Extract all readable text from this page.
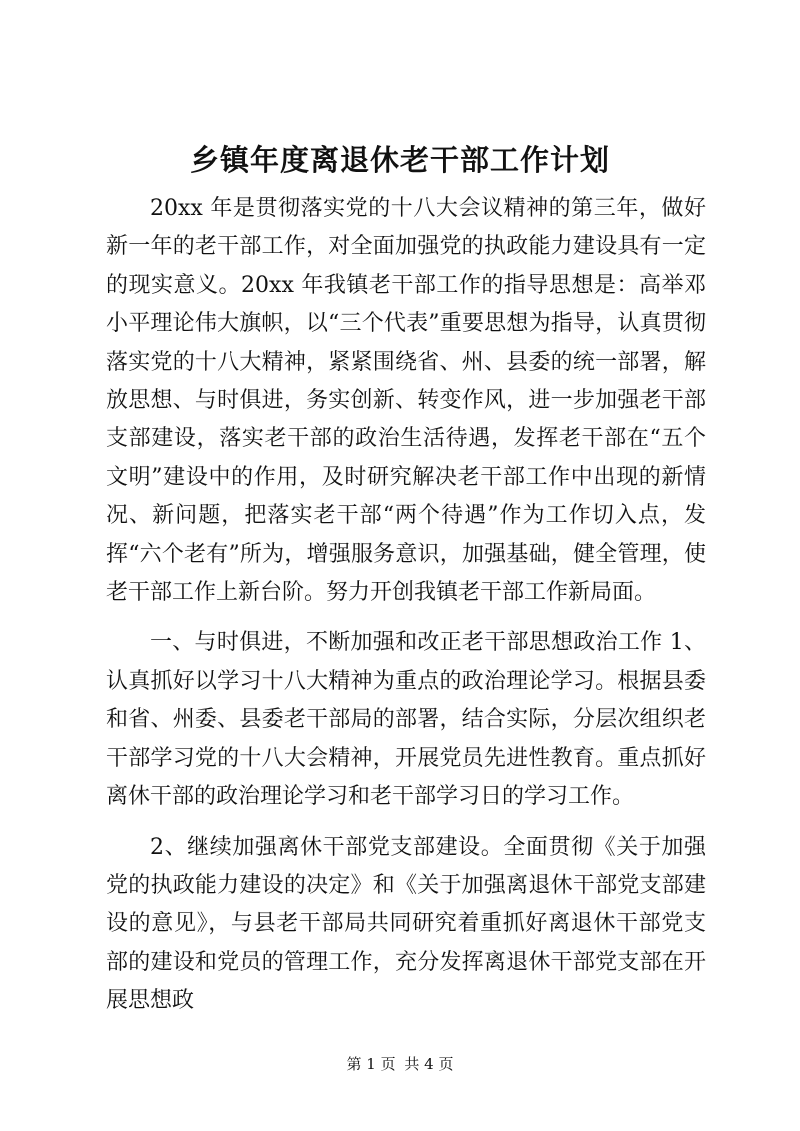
乡镇年度离退休老干部工作计划

20xx 年是贯彻落实党的十八大会议精神的第三年，做好新一年的老干部工作，对全面加强党的执政能力建设具有一定的现实意义。20xx 年我镇老干部工作的指导思想是：高举邓小平理论伟大旗帜，以“三个代表”重要思想为指导，认真贯彻落实党的十八大精神，紧紧围绕省、州、县委的统一部署，解放思想、与时俱进，务实创新、转变作风，进一步加强老干部支部建设，落实老干部的政治生活待遇，发挥老干部在“五个文明”建设中的作用，及时研究解决老干部工作中出现的新情况、新问题，把落实老干部“两个待遇”作为工作切入点，发挥“六个老有”所为，增强服务意识，加强基础，健全管理，使老干部工作上新台阶。努力开创我镇老干部工作新局面。

一、与时俱进，不断加强和改正老干部思想政治工作 1、认真抓好以学习十八大精神为重点的政治理论学习。根据县委和省、州委、县委老干部局的部署，结合实际，分层次组织老干部学习党的十八大会精神，开展党员先进性教育。重点抓好离休干部的政治理论学习和老干部学习日的学习工作。

2、继续加强离休干部党支部建设。全面贯彻《关于加强党的执政能力建设的决定》和《关于加强离退休干部党支部建设的意见》，与县老干部局共同研究着重抓好离退休干部党支部的建设和党员的管理工作，充分发挥离退休干部党支部在开展思想政

第 1 页 共 4 页
